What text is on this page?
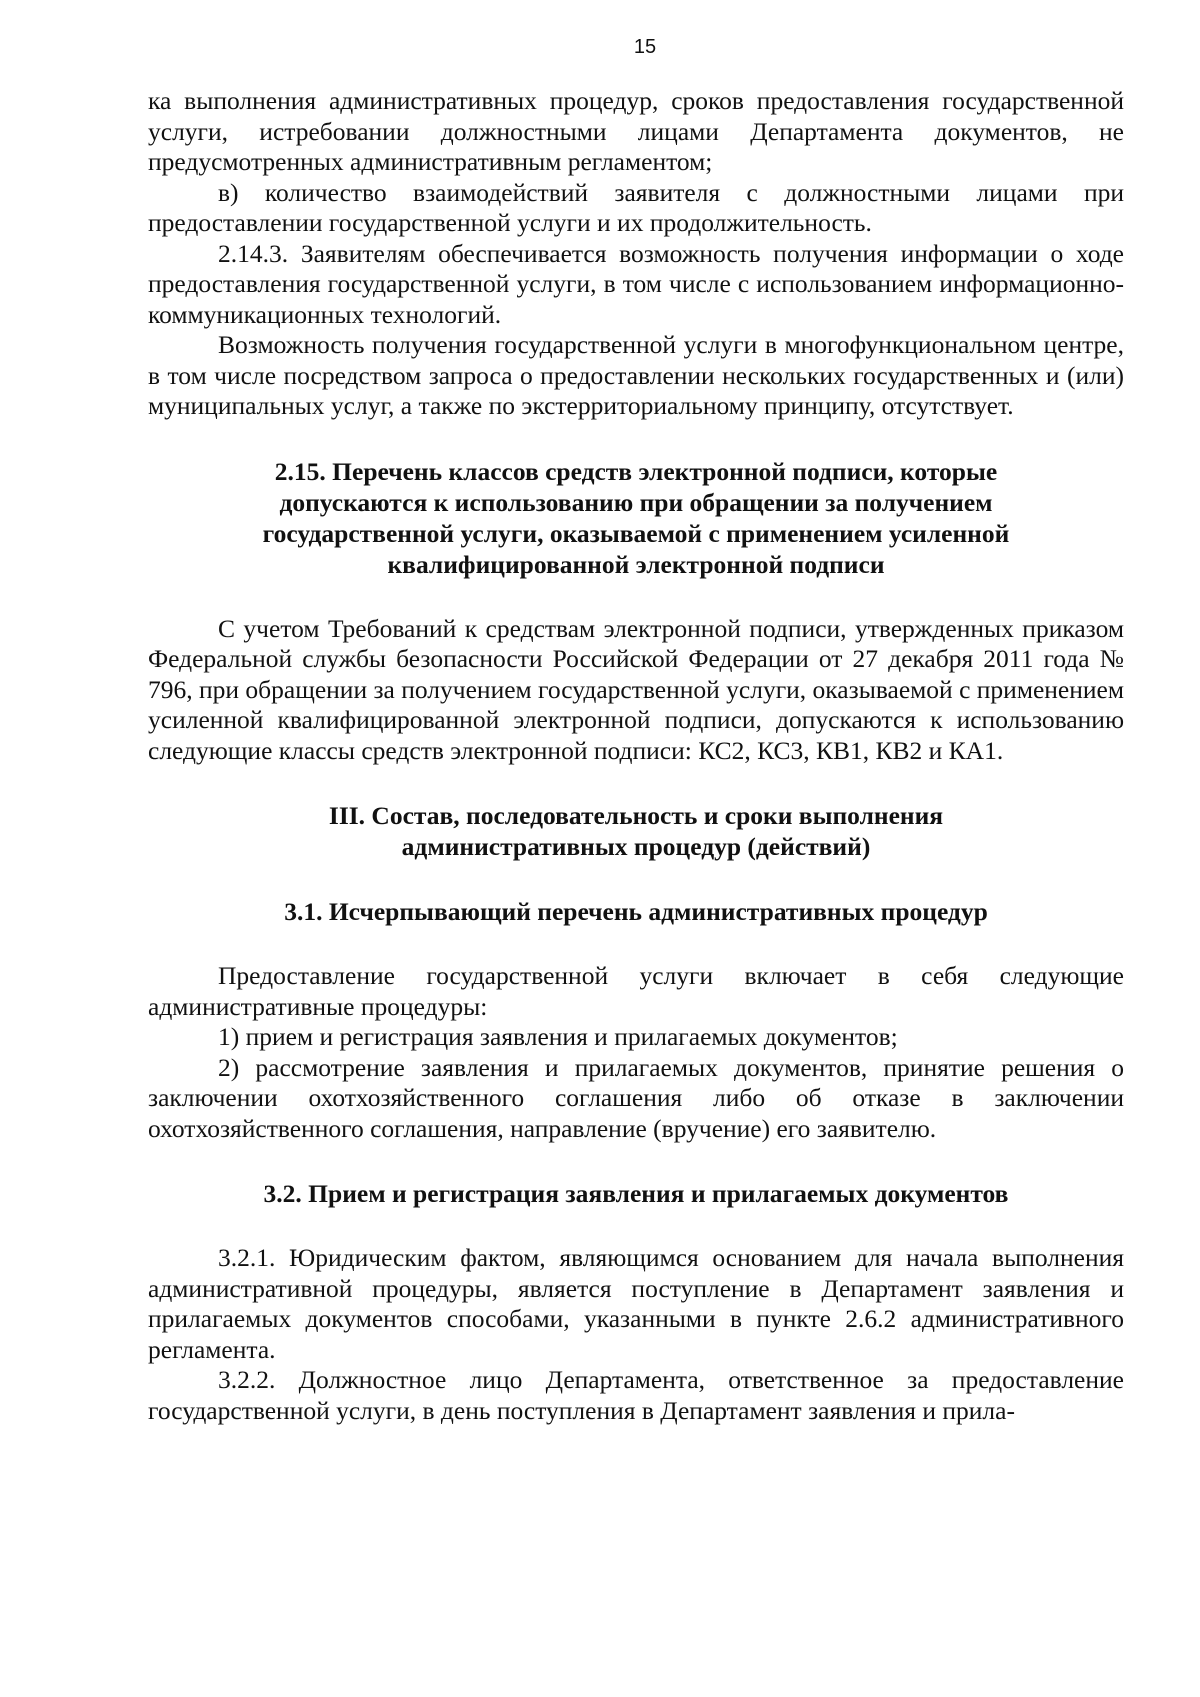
15

ка выполнения административных процедур, сроков предоставления государственной услуги, истребовании должностными лицами Департамента документов, не предусмотренных административным регламентом;

в) количество взаимодействий заявителя с должностными лицами при предоставлении государственной услуги и их продолжительность.

2.14.3. Заявителям обеспечивается возможность получения информации о ходе предоставления государственной услуги, в том числе с использованием информационно-коммуникационных технологий.

Возможность получения государственной услуги в многофункциональном центре, в том числе посредством запроса о предоставлении нескольких государственных и (или) муниципальных услуг, а также по экстерриториальному принципу, отсутствует.

2.15. Перечень классов средств электронной подписи, которые допускаются к использованию при обращении за получением государственной услуги, оказываемой с применением усиленной квалифицированной электронной подписи

С учетом Требований к средствам электронной подписи, утвержденных приказом Федеральной службы безопасности Российской Федерации от 27 декабря 2011 года № 796, при обращении за получением государственной услуги, оказываемой с применением усиленной квалифицированной электронной подписи, допускаются к использованию следующие классы средств электронной подписи: КС2, КС3, КВ1, КВ2 и КА1.

III. Состав, последовательность и сроки выполнения административных процедур (действий)
3.1. Исчерпывающий перечень административных процедур

Предоставление государственной услуги включает в себя следующие административные процедуры:

1) прием и регистрация заявления и прилагаемых документов;

2) рассмотрение заявления и прилагаемых документов, принятие решения о заключении охотхозяйственного соглашения либо об отказе в заключении охотхозяйственного соглашения, направление (вручение) его заявителю.

3.2. Прием и регистрация заявления и прилагаемых документов

3.2.1. Юридическим фактом, являющимся основанием для начала выполнения административной процедуры, является поступление в Департамент заявления и прилагаемых документов способами, указанными в пункте 2.6.2 административного регламента.

3.2.2. Должностное лицо Департамента, ответственное за предоставление государственной услуги, в день поступления в Департамент заявления и прила-
